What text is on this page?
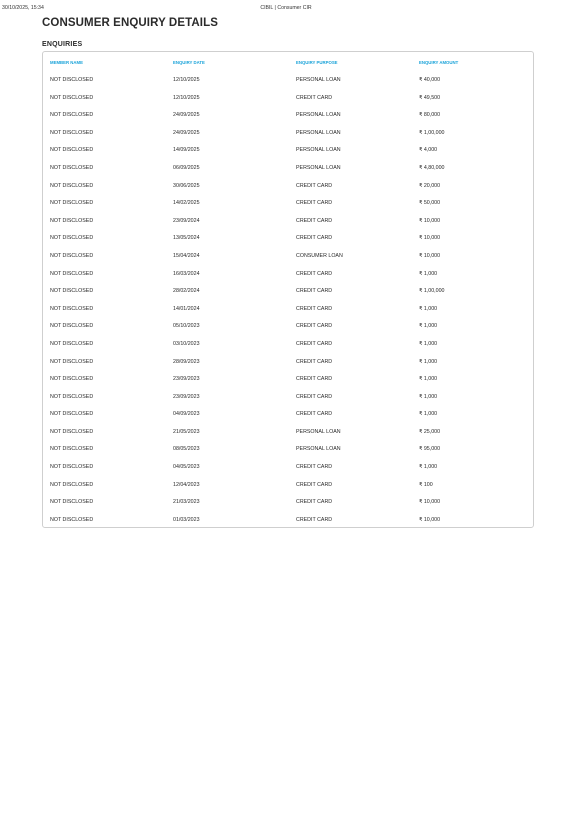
30/10/2025, 15:34	CIBIL | Consumer CIR
CONSUMER ENQUIRY DETAILS
ENQUIRIES
MEMBER NAME	ENQUIRY DATE	ENQUIRY PURPOSE	ENQUIRY AMOUNT
NOT DISCLOSED	12/10/2025	PERSONAL LOAN	₹ 40,000
NOT DISCLOSED	12/10/2025	CREDIT CARD	₹ 49,500
NOT DISCLOSED	24/09/2025	PERSONAL LOAN	₹ 80,000
NOT DISCLOSED	24/09/2025	PERSONAL LOAN	₹ 1,00,000
NOT DISCLOSED	14/09/2025	PERSONAL LOAN	₹ 4,000
NOT DISCLOSED	06/09/2025	PERSONAL LOAN	₹ 4,80,000
NOT DISCLOSED	30/06/2025	CREDIT CARD	₹ 20,000
NOT DISCLOSED	14/02/2025	CREDIT CARD	₹ 50,000
NOT DISCLOSED	23/09/2024	CREDIT CARD	₹ 10,000
NOT DISCLOSED	13/05/2024	CREDIT CARD	₹ 10,000
NOT DISCLOSED	15/04/2024	CONSUMER LOAN	₹ 10,000
NOT DISCLOSED	16/03/2024	CREDIT CARD	₹ 1,000
NOT DISCLOSED	28/02/2024	CREDIT CARD	₹ 1,00,000
NOT DISCLOSED	14/01/2024	CREDIT CARD	₹ 1,000
NOT DISCLOSED	05/10/2023	CREDIT CARD	₹ 1,000
NOT DISCLOSED	03/10/2023	CREDIT CARD	₹ 1,000
NOT DISCLOSED	28/09/2023	CREDIT CARD	₹ 1,000
NOT DISCLOSED	23/09/2023	CREDIT CARD	₹ 1,000
NOT DISCLOSED	23/09/2023	CREDIT CARD	₹ 1,000
NOT DISCLOSED	04/09/2023	CREDIT CARD	₹ 1,000
NOT DISCLOSED	21/05/2023	PERSONAL LOAN	₹ 25,000
NOT DISCLOSED	08/05/2023	PERSONAL LOAN	₹ 95,000
NOT DISCLOSED	04/05/2023	CREDIT CARD	₹ 1,000
NOT DISCLOSED	12/04/2023	CREDIT CARD	₹ 100
NOT DISCLOSED	21/03/2023	CREDIT CARD	₹ 10,000
NOT DISCLOSED	01/03/2023	CREDIT CARD	₹ 10,000
